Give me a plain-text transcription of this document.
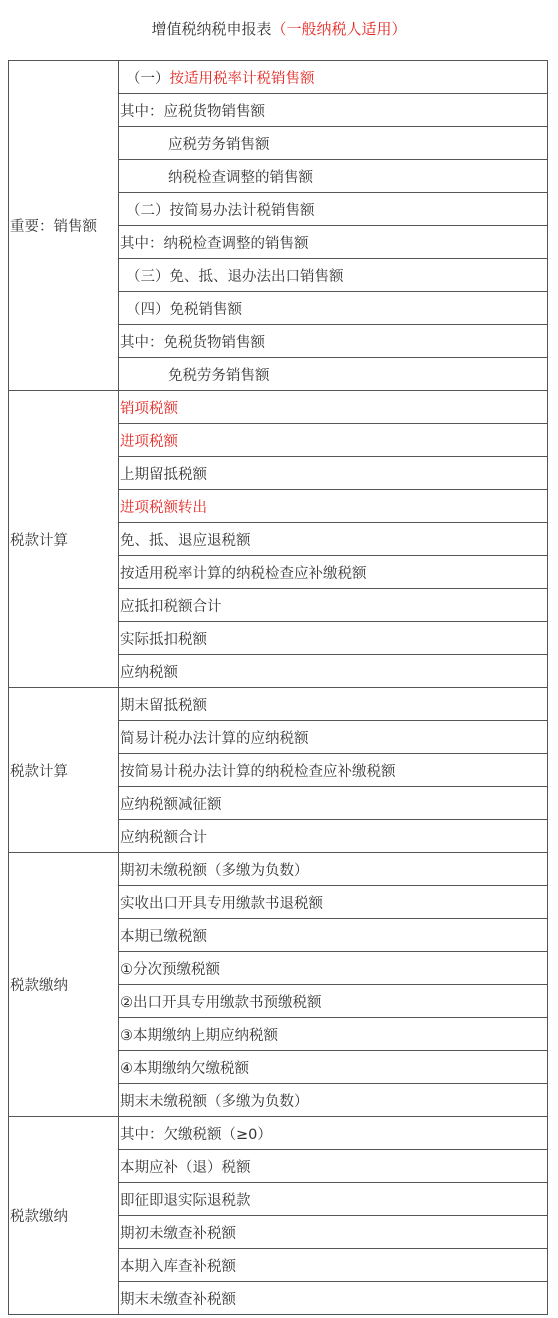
增值税纳税申报表（一般纳税人适用）
重要：销售额	（一）按适用税率计税销售额
	其中：应税货物销售额
	应税劳务销售额
	纳税检查调整的销售额
	（二）按简易办法计税销售额
	其中：纳税检查调整的销售额
	（三）免、抵、退办法出口销售额
	（四）免税销售额
	其中：免税货物销售额
	免税劳务销售额
税款计算	销项税额
	进项税额
	上期留抵税额
	进项税额转出
	免、抵、退应退税额
	按适用税率计算的纳税检查应补缴税额
	应抵扣税额合计
	实际抵扣税额
	应纳税额
税款计算	期末留抵税额
	简易计税办法计算的应纳税额
	按简易计税办法计算的纳税检查应补缴税额
	应纳税额减征额
	应纳税额合计
税款缴纳	期初未缴税额（多缴为负数）
	实收出口开具专用缴款书退税额
	本期已缴税额
	①分次预缴税额
	②出口开具专用缴款书预缴税额
	③本期缴纳上期应纳税额
	④本期缴纳欠缴税额
	期末未缴税额（多缴为负数）
税款缴纳	其中：欠缴税额（≥0）
	本期应补（退）税额
	即征即退实际退税款
	期初未缴查补税额
	本期入库查补税额
	期末未缴查补税额
